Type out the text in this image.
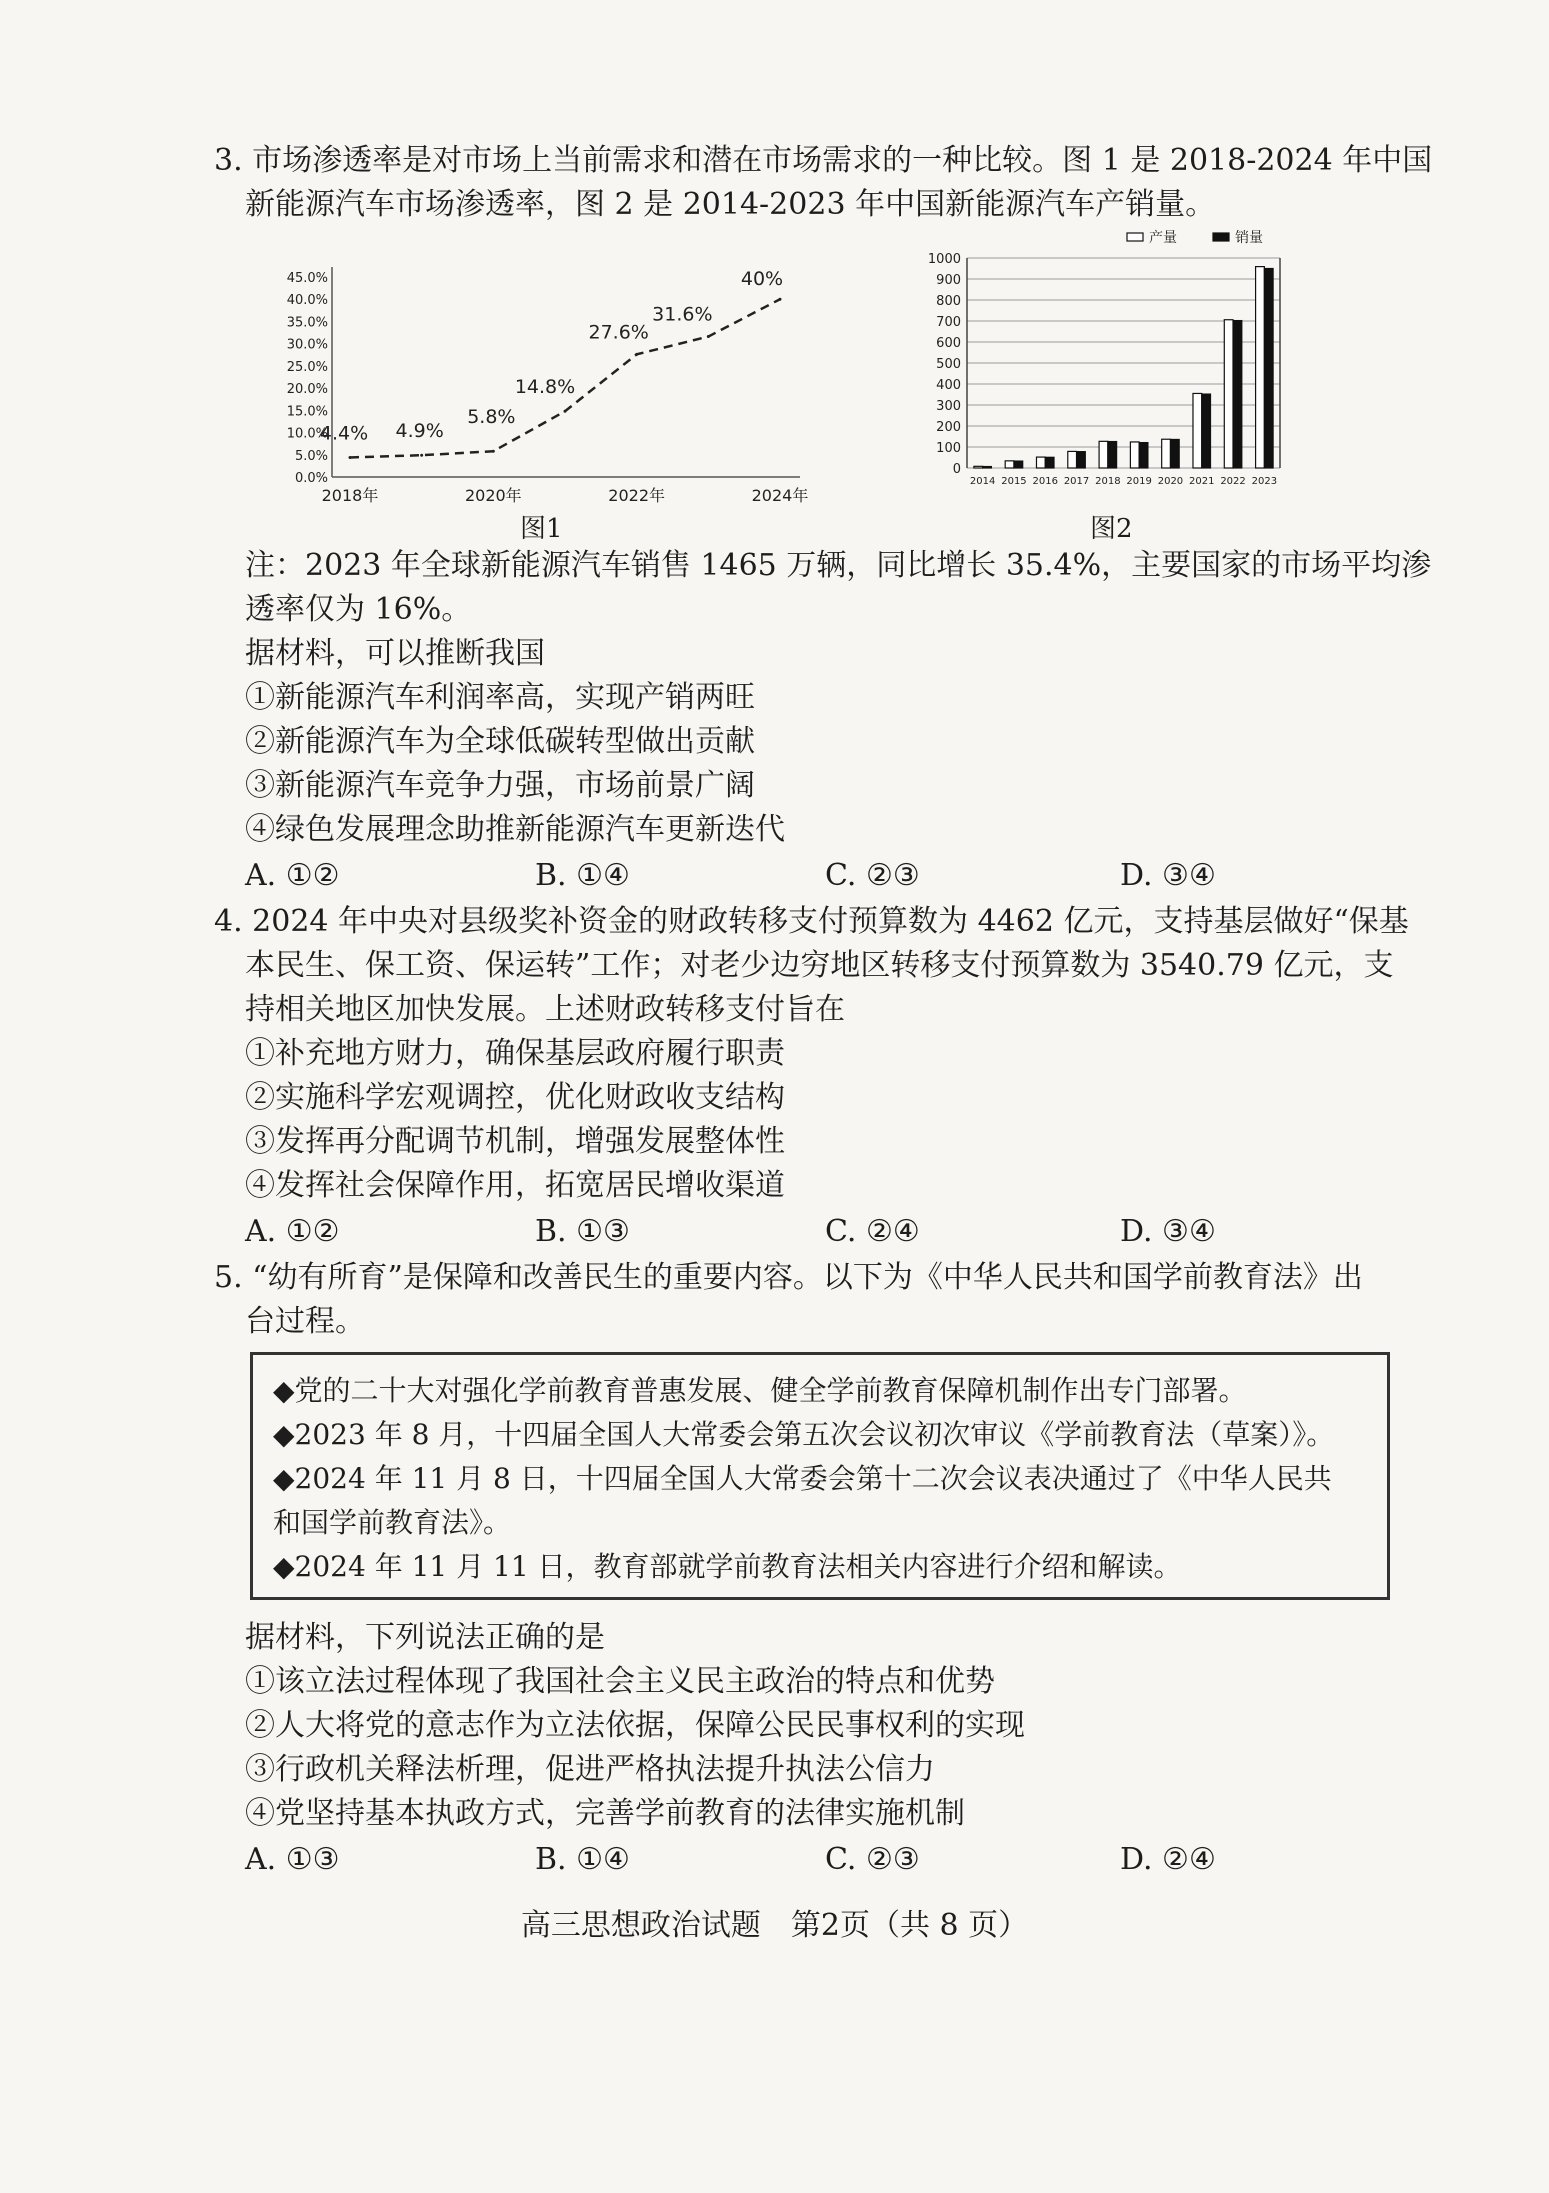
3. 市场渗透率是对市场上当前需求和潜在市场需求的一种比较。图 1 是 2018-2024 年中国
新能源汽车市场渗透率，图 2 是 2014-2023 年中国新能源汽车产销量。
0.0%
5.0%
10.0%
15.0%
20.0%
25.0%
30.0%
35.0%
40.0%
45.0%
2018年	2020年	2022年	2024年
4.4% 4.9%
5.8%
14.8%
27.6%
31.6%
40%
图1
0
100
200
300
400
500
600
700
800
900
1000
2014 2015 2016 2017 2018 2019 2020 2021 2022 2023
产量	销量
图2
注：2023 年全球新能源汽车销售 1465 万辆，同比增长 35.4%，主要国家的市场平均渗
透率仅为 16%。
据材料，可以推断我国
①新能源汽车利润率高，实现产销两旺
②新能源汽车为全球低碳转型做出贡献
③新能源汽车竞争力强，市场前景广阔
④绿色发展理念助推新能源汽车更新迭代
A. ①②	B. ①④	C. ②③	D. ③④
4. 2024 年中央对县级奖补资金的财政转移支付预算数为 4462 亿元，支持基层做好“保基
本民生、保工资、保运转”工作；对老少边穷地区转移支付预算数为 3540.79 亿元，支
持相关地区加快发展。上述财政转移支付旨在
①补充地方财力，确保基层政府履行职责
②实施科学宏观调控，优化财政收支结构
③发挥再分配调节机制，增强发展整体性
④发挥社会保障作用，拓宽居民增收渠道
A. ①②	B. ①③	C. ②④	D. ③④
5. “幼有所育”是保障和改善民生的重要内容。以下为《中华人民共和国学前教育法》出
台过程。
◆党的二十大对强化学前教育普惠发展、健全学前教育保障机制作出专门部署。
◆2023 年 8 月，十四届全国人大常委会第五次会议初次审议《学前教育法（草案）》。
◆2024 年 11 月 8 日，十四届全国人大常委会第十二次会议表决通过了《中华人民共
和国学前教育法》。
◆2024 年 11 月 11 日，教育部就学前教育法相关内容进行介绍和解读。
据材料，下列说法正确的是
①该立法过程体现了我国社会主义民主政治的特点和优势
②人大将党的意志作为立法依据，保障公民民事权利的实现
③行政机关释法析理，促进严格执法提升执法公信力
④党坚持基本执政方式，完善学前教育的法律实施机制
A. ①③	B. ①④	C. ②③	D. ②④
高三思想政治试题　第2页（共 8 页）
